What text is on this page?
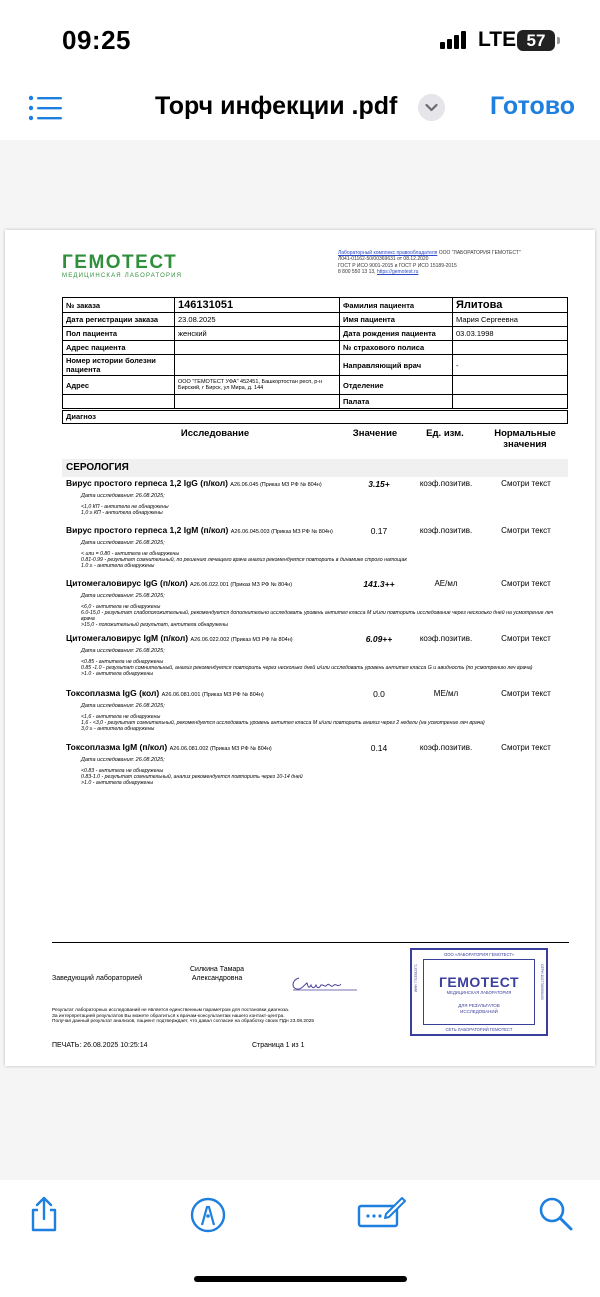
09:25	LTE 57
Торч инфекции .pdf	Готово
ГЕМОТЕСТ
МЕДИЦИНСКАЯ ЛАБОРАТОРИЯ
Лабораторный комплекс правообладателя ООО "ЛАБОРАТОРИЯ ГЕМОТЕСТ"
Л041-01162-50/00369631 от 08.12.2020
ГОСТ Р ИСО 9001-2015 и ГОСТ Р ИСО 15189-2015
8 800 550 13 13, https://gemotest.ru
№ заказа	146131051	Фамилия пациента	Ялитова
Дата регистрации заказа	23.08.2025	Имя пациента	Мария Сергеевна
Пол пациента	женский	Дата рождения пациента	03.03.1998
Адрес пациента		№ страхового полиса	
Номер истории болезни пациента		Направляющий врач	-
Адрес	ООО "ГЕМОТЕСТ УФА" 452451, Башкортостан респ, р-н Бирский, г Бирск, ул Мира, д. 144	Отделение	
		Палата	
Диагноз
Исследование	Значение	Ед. изм.	Нормальные значения
СЕРОЛОГИЯ
Вирус простого герпеса 1,2 IgG (п/кол) A26.06.045 (Приказ МЗ РФ № 804н)	3.15+	коэф.позитив.	Смотри текст
Дата исследования: 26.08.2025;
<1,0 КП - антитела не обнаружены
1,0 ≥ КП - антитела обнаружены
Вирус простого герпеса 1,2 IgM (п/кол) A26.06.045.003 (Приказ МЗ РФ № 804н)	0.17	коэф.позитив.	Смотри текст
Дата исследования: 26.08.2025;
< или = 0.80 - антитела не обнаружены
0.81-0.99 - результат сомнительный, по решению лечащего врача анализ рекомендуется повторить в динамике строго натощак
1.0 ≥ - антитела обнаружены
Цитомегаловирус IgG (п/кол) A26.06.022.001 (Приказ МЗ РФ № 804н)	141.3++	АЕ/мл	Смотри текст
Дата исследования: 25.08.2025;
<6,0 - антитела не обнаружены
6.0-15,0 - результат слабоположительный, рекомендуется дополнительно исследовать уровень антител класса М и/или повторить исследование через несколько дней на усмотрение леч врача
>15,0 - положительный результат, антитела обнаружены
Цитомегаловирус IgM (п/кол) A26.06.022.002 (Приказ МЗ РФ № 804н)	6.09++	коэф.позитив.	Смотри текст
Дата исследования: 26.08.2025;
<0.85 - антитела не обнаружены
0.85 -1.0 - результат сомнительный, анализ рекомендуется повторить через несколько дней и/или исследовать уровень антител класса G и авидность (по усмотрению леч врача)
>1.0 - антитела обнаружены
Токсоплазма IgG (кол) A26.06.081.001 (Приказ МЗ РФ № 804н)	0.0	МЕ/мл	Смотри текст
Дата исследования: 26.08.2025;
<1,6 - антитела не обнаружены
1,6 - <3,0 - результат сомнительный, рекомендуется исследовать уровень антител класса М и/или повторить анализ через 2 недели (на усмотрение леч врача)
3,0 ≥ - антитела обнаружены
Токсоплазма IgM (п/кол) A26.06.081.002 (Приказ МЗ РФ № 804н)	0.14	коэф.позитив.	Смотри текст
Дата исследования: 26.08.2025;
<0.83 - антитела не обнаружены
0.83-1.0 - результат сомнительный, анализ рекомендуется повторить через 10-14 дней
>1.0 - антитела обнаружены
Заведующий лабораторией
Силкина Тамара
Александровна
Результат лабораторных исследований не является единственным параметром для постановки диагноза.
За интерпретацией результатов Вы можете обратиться к врачам-консультантам нашего контакт-центра.
Получая данный результат анализов, пациент подтверждает, что давал согласие на обработку своих ПДн 23.08.2025
ПЕЧАТЬ: 26.08.2025 10:25:14	Страница 1 из 1
ООО «ЛАБОРАТОРИЯ ГЕМОТЕСТ»
ГЕМОТЕСТ
МЕДИЦИНСКАЯ ЛАБОРАТОРИЯ
ДЛЯ РЕЗУЛЬТАТОВ
ИССЛЕДОВАНИЙ
ИНН 7703582371	ОГРН 1027700058433
СЕТЬ ЛАБОРАТОРИЙ ГЕМОТЕСТ
